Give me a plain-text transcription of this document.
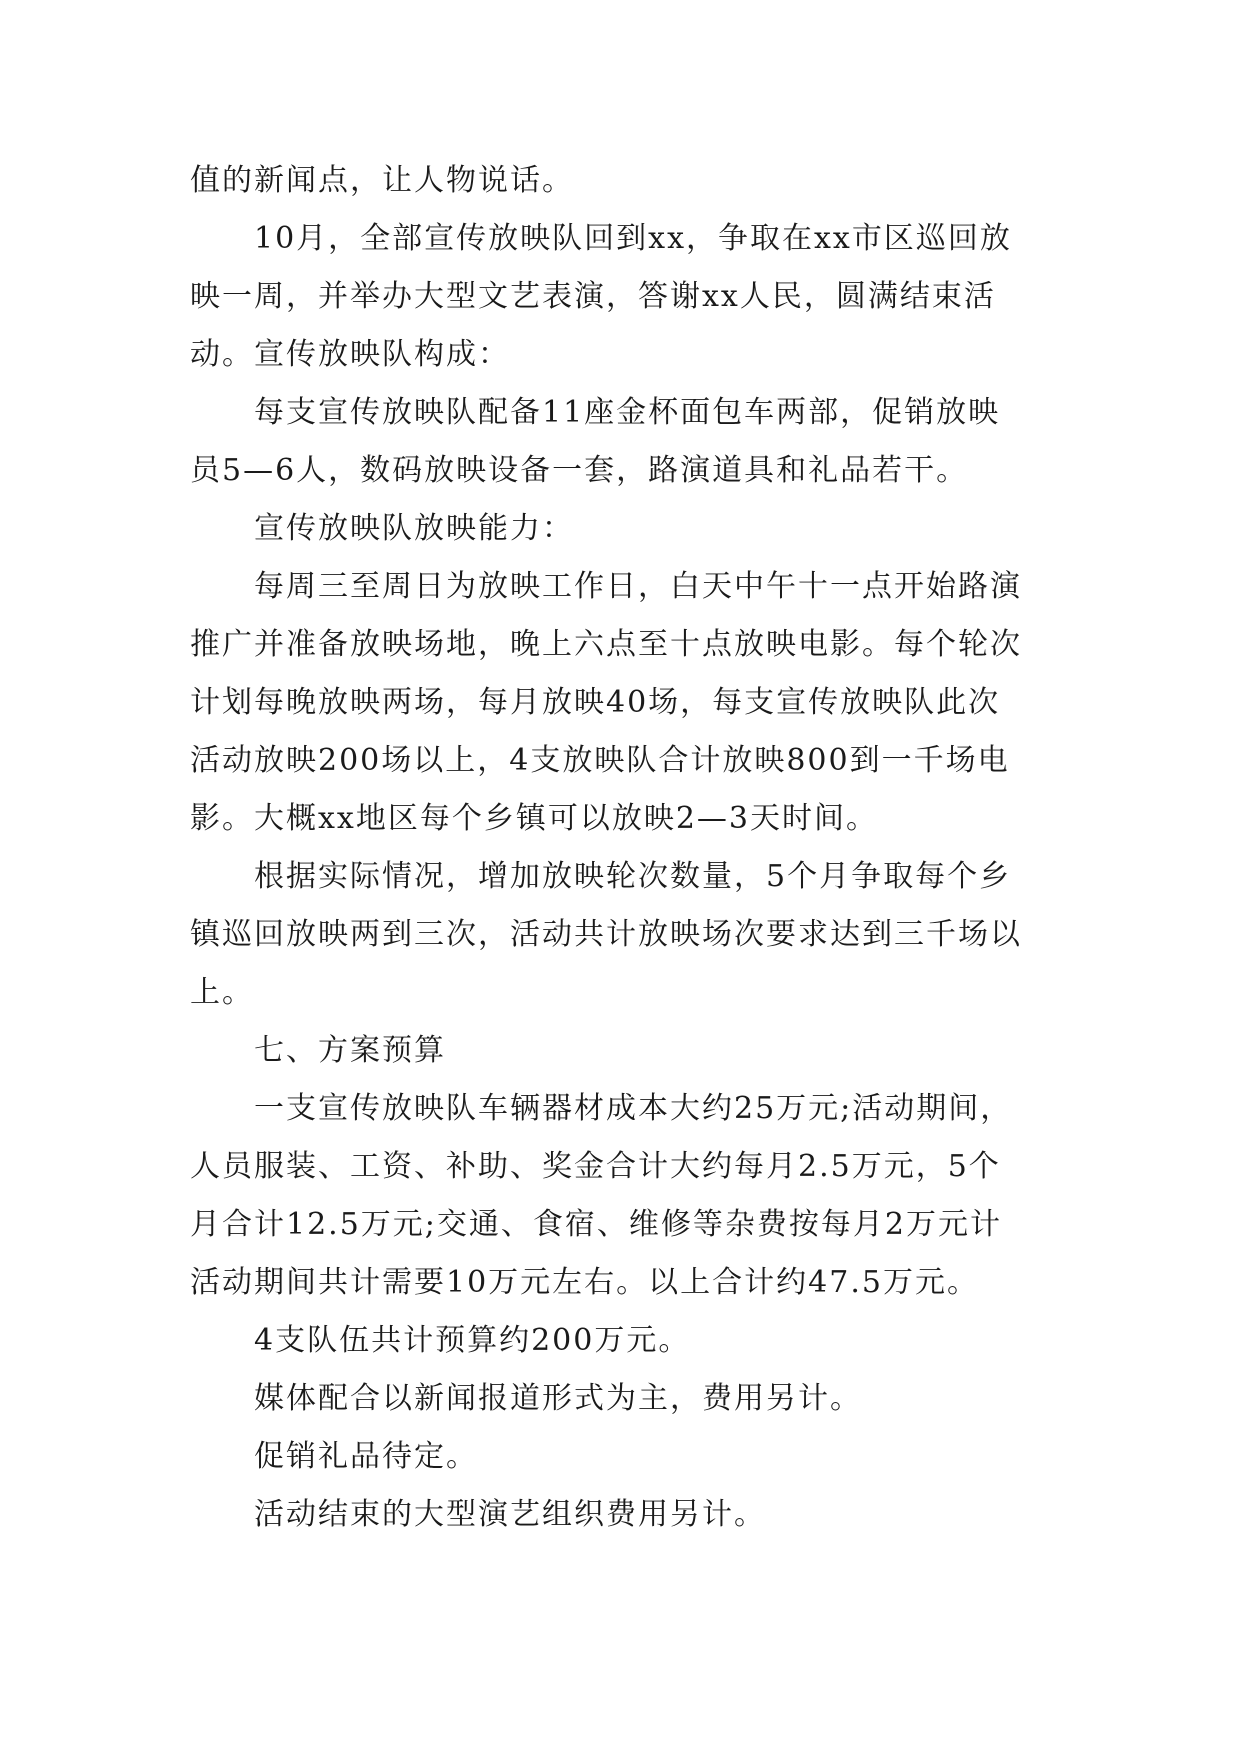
值的新闻点，让人物说话。
10月，全部宣传放映队回到xx，争取在xx市区巡回放
映一周，并举办大型文艺表演，答谢xx人民，圆满结束活
动。宣传放映队构成：
每支宣传放映队配备11座金杯面包车两部，促销放映
员5—6人，数码放映设备一套，路演道具和礼品若干。
宣传放映队放映能力：
每周三至周日为放映工作日，白天中午十一点开始路演
推广并准备放映场地，晚上六点至十点放映电影。每个轮次
计划每晚放映两场，每月放映40场，每支宣传放映队此次
活动放映200场以上，4支放映队合计放映800到一千场电
影。大概xx地区每个乡镇可以放映2—3天时间。
根据实际情况，增加放映轮次数量，5个月争取每个乡
镇巡回放映两到三次，活动共计放映场次要求达到三千场以
上。
七、方案预算
一支宣传放映队车辆器材成本大约25万元;活动期间，
人员服装、工资、补助、奖金合计大约每月2.5万元，5个
月合计12.5万元;交通、食宿、维修等杂费按每月2万元计
活动期间共计需要10万元左右。以上合计约47.5万元。
4支队伍共计预算约200万元。
媒体配合以新闻报道形式为主，费用另计。
促销礼品待定。
活动结束的大型演艺组织费用另计。
